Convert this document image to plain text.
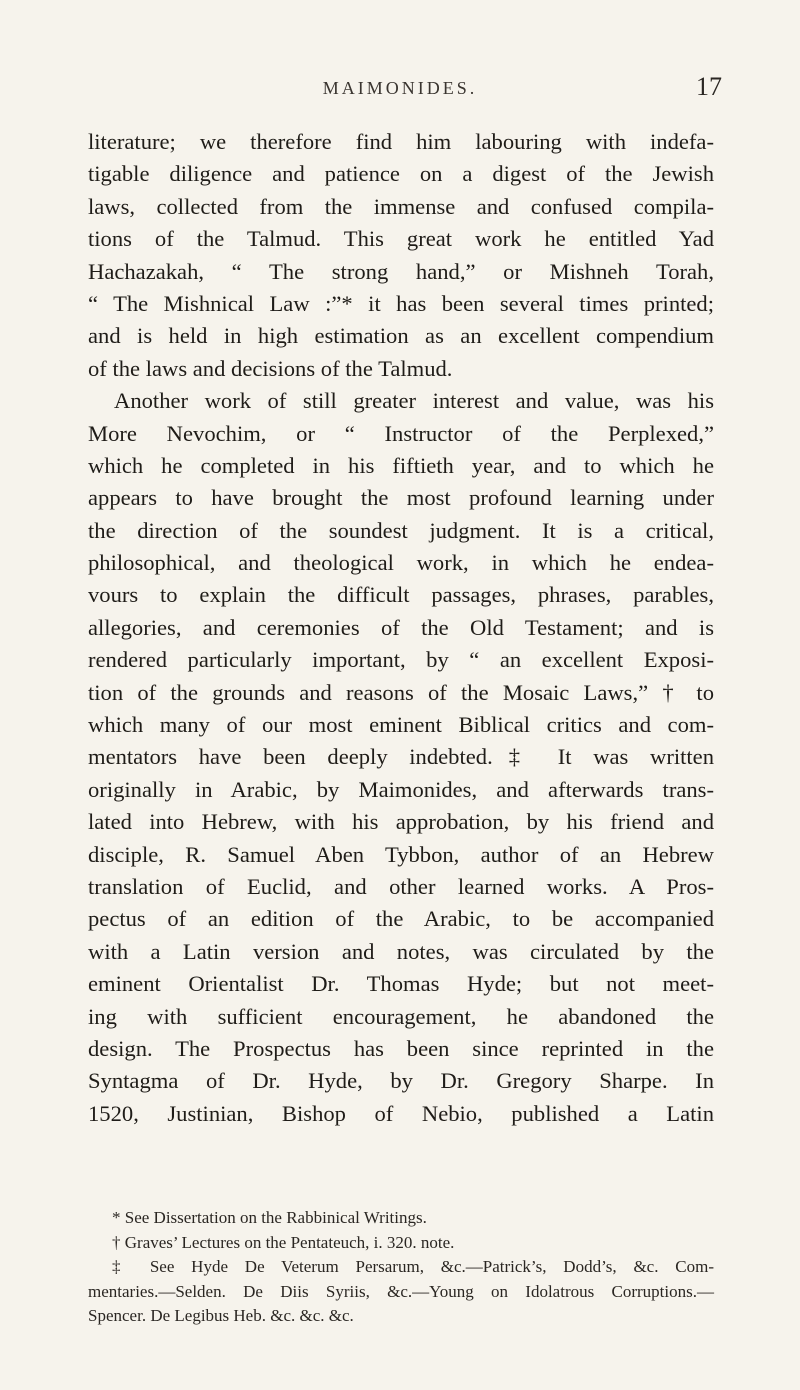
MAIMONIDES.	17
literature; we therefore find him labouring with indefa-
tigable diligence and patience on a digest of the Jewish
laws, collected from the immense and confused compila-
tions of the Talmud. This great work he entitled Yad
Hachazakah, “ The strong hand,” or Mishneh Torah,
“ The Mishnical Law :”* it has been several times printed;
and is held in high estimation as an excellent compendium
of the laws and decisions of the Talmud.
Another work of still greater interest and value, was his
More Nevochim, or “ Instructor of the Perplexed,”
which he completed in his fiftieth year, and to which he
appears to have brought the most profound learning under
the direction of the soundest judgment. It is a critical,
philosophical, and theological work, in which he endea-
vours to explain the difficult passages, phrases, parables,
allegories, and ceremonies of the Old Testament; and is
rendered particularly important, by “ an excellent Exposi-
tion of the grounds and reasons of the Mosaic Laws,” † to
which many of our most eminent Biblical critics and com-
mentators have been deeply indebted.‡ It was written
originally in Arabic, by Maimonides, and afterwards trans-
lated into Hebrew, with his approbation, by his friend and
disciple, R. Samuel Aben Tybbon, author of an Hebrew
translation of Euclid, and other learned works. A Pros-
pectus of an edition of the Arabic, to be accompanied
with a Latin version and notes, was circulated by the
eminent Orientalist Dr. Thomas Hyde; but not meet-
ing with sufficient encouragement, he abandoned the
design. The Prospectus has been since reprinted in the
Syntagma of Dr. Hyde, by Dr. Gregory Sharpe. In
1520, Justinian, Bishop of Nebio, published a Latin
* See Dissertation on the Rabbinical Writings.
† Graves’ Lectures on the Pentateuch, i. 320. note.
‡ See Hyde De Veterum Persarum, &c.—Patrick’s, Dodd’s, &c. Com-
mentaries.—Selden. De Diis Syriis, &c.—Young on Idolatrous Corruptions.—
Spencer. De Legibus Heb. &c. &c. &c.
